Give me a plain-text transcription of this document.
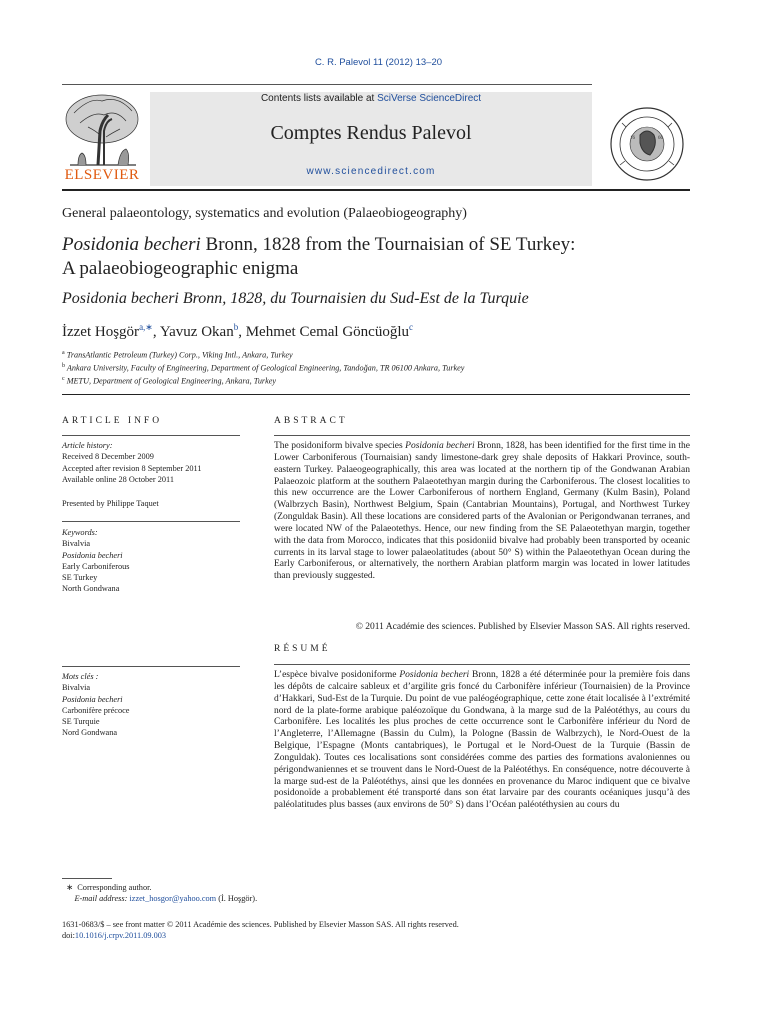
C. R. Palevol 11 (2012) 13–20
ELSEVIER
Contents lists available at SciVerse ScienceDirect
Comptes Rendus Palevol
www.sciencedirect.com
16	66
General palaeontology, systematics and evolution (Palaeobiogeography)
Posidonia becheri Bronn, 1828 from the Tournaisian of SE Turkey:
A palaeobiogeographic enigma
Posidonia becheri Bronn, 1828, du Tournaisien du Sud-Est de la Turquie
İzzet Hoşgör$^{a,∗}$, Yavuz Okan$^b$, Mehmet Cemal Göncüoğlu$^c$
$^a$ TransAtlantic Petroleum (Turkey) Corp., Viking Intl., Ankara, Turkey
$^b$ Ankara University, Faculty of Engineering, Department of Geological Engineering, Tandoğan, TR 06100 Ankara, Turkey
$^c$ METU, Department of Geological Engineering, Ankara, Turkey
ARTICLE INFO
Article history:
Received 8 December 2009
Accepted after revision 8 September 2011
Available online 28 October 2011
Presented by Philippe Taquet
Keywords:
Bivalvia
Posidonia becheri
Early Carboniferous
SE Turkey
North Gondwana
Mots clés :
Bivalvia
Posidonia becheri
Carbonifère précoce
SE Turquie
Nord Gondwana
ABSTRACT
The posidoniform bivalve species Posidonia becheri Bronn, 1828, has been identified for the first time in the Lower Carboniferous (Tournaisian) sandy limestone-dark grey shale deposits of Hakkari Province, south-eastern Turkey. Palaeogeographically, this area was located at the northern tip of the Gondwanan Arabian Palaeozoic platform at the southern Palaeotethyan margin during the Carboniferous. The closest localities to this new occurrence are the Lower Carboniferous of northern England, Germany (Kulm Basin), Poland (Walbrzych Basin), Northwest Belgium, Spain (Cantabrian Mountains), Portugal, and Northwest Turkey (Zonguldak Basin). All these locations are considered parts of the Avalonian or Perigondwanan terranes, and were located NW of the Palaeotethys. Hence, our new finding from the SE Palaeotethyan margin, together with the data from Morocco, indicates that this posidoniid bivalve had probably been transported by oceanic currents in its larval stage to lower palaeolatitudes (about 50° S) within the Palaeotethyan Ocean during the Early Carboniferous, or alternatively, the northern Arabian platform margin was located in lower latitudes than previously suggested.
© 2011 Académie des sciences. Published by Elsevier Masson SAS. All rights reserved.
RÉSUMÉ
L’espèce bivalve posidoniforme Posidonia becheri Bronn, 1828 a été déterminée pour la première fois dans les dépôts de calcaire sableux et d’argilite gris foncé du Carbonifère inférieur (Tournaisien) de la Province d’Hakkari, Sud-Est de la Turquie. Du point de vue paléogéographique, cette zone était localisée à l’extrémité nord de la plate-forme arabique paléozoïque du Gondwana, à la marge sud de la Paléotéthys, au cours du Carbonifère. Les localités les plus proches de cette occurrence sont le Carbonifère inférieur du Nord de l’Angleterre, l’Allemagne (Bassin du Culm), la Pologne (Bassin de Walbrzych), le Nord-Ouest de la Belgique, l’Espagne (Monts cantabriques), le Portugal et le Nord-Ouest de la Turquie (Bassin de Zonguldak). Toutes ces localisations sont considérées comme des parties des formations avaloniennes ou périgondwaniennes et se trouvent dans le Nord-Ouest de la Paléotéthys. En conséquence, notre découverte à la marge sud-est de la Paléotéthys, ainsi que les données en provenance du Maroc indiquent que ce bivalve posidonoïde a probablement été transporté dans son état larvaire par des courants océaniques jusqu’à des paléolatitudes plus basses (aux environs de 50° S) dans l’Océan paléotéthysien au cours du
∗ Corresponding author.
E-mail address: izzet_hosgor@yahoo.com (İ. Hoşgör).
1631-0683/$ – see front matter © 2011 Académie des sciences. Published by Elsevier Masson SAS. All rights reserved.
doi:10.1016/j.crpv.2011.09.003
